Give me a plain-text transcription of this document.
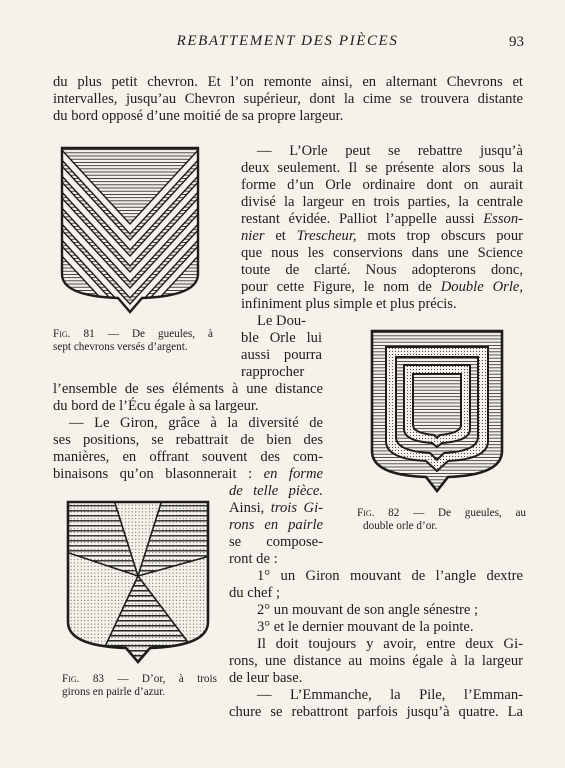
REBATTEMENT DES PIÈCES	93
du plus petit chevron. Et l’on remonte ainsi, en alternant Chevrons et
intervalles, jusqu’au Chevron supérieur, dont la cime se trouvera distante
du bord opposé d’une moitié de sa propre largeur.
— L’Orle peut se rebattre jusqu’à
deux seulement. Il se présente alors sous la
forme d’un Orle ordinaire dont on aurait
divisé la largeur en trois parties, la centrale
restant évidée. Palliot l’appelle aussi Esson-
nier et Trescheur, mots trop obscurs pour
que nous les conservions dans une Science
toute de clarté. Nous adopterons donc,
pour cette Figure, le nom de Double Orle,
infiniment plus simple et plus précis.
Le Dou-
ble Orle lui
aussi pourra
rapprocher
l’ensemble de ses éléments à une distance
du bord de l’Écu égale à sa largeur.
— Le Giron, grâce à la diversité de
ses positions, se rebattrait de bien des
manières, en offrant souvent des com-
binaisons qu’on blasonnerait : en forme
de telle pièce.
Ainsi, trois Gi-
rons en pairle
se compose-
ront de :
1° un Giron mouvant de l’angle dextre
du chef ;
2° un mouvant de son angle sénestre ;
3° et le dernier mouvant de la pointe.
Il doit toujours y avoir, entre deux Gi-
rons, une distance au moins égale à la largeur
de leur base.
— L’Emmanche, la Pile, l’Emman-
chure se rebattront parfois jusqu’à quatre. La
Fig. 81 — De gueules, à
sept chevrons versés d’argent.
Fig. 82 — De gueules, au
double orle d’or.
Fig. 83 — D’or, à trois
girons en pairle d’azur.
